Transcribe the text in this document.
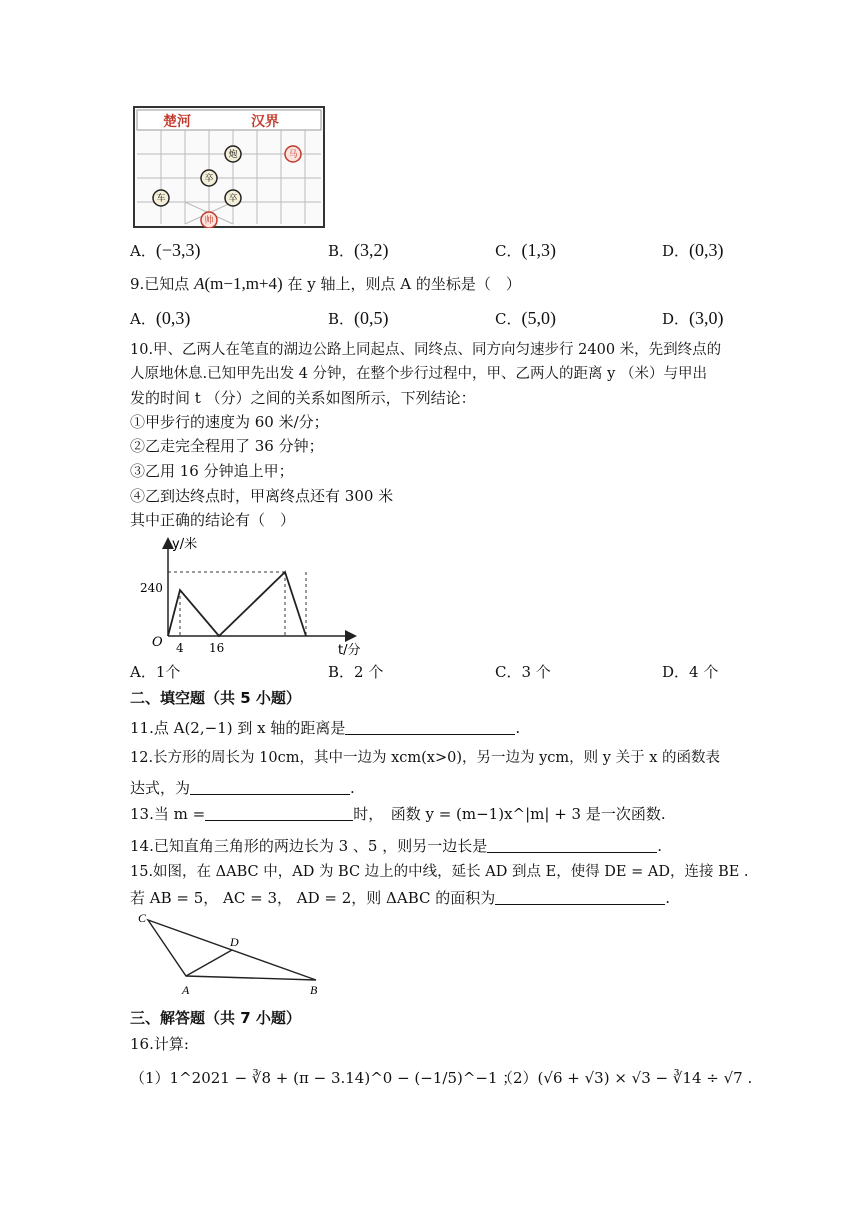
楚河	汉界
炮	马
卒
车	卒
帅
A．(−3,3)	B．(3,2)	C．(1,3)	D．(0,3)
9.已知点 A(m−1,m+4) 在 y 轴上，则点 A 的坐标是（　）
A．(0,3)	B．(0,5)	C．(5,0)	D．(3,0)
10.甲、乙两人在笔直的湖边公路上同起点、同终点、同方向匀速步行 2400 米，先到终点的
人原地休息.已知甲先出发 4 分钟，在整个步行过程中，甲、乙两人的距离 y （米）与甲出
发的时间 t （分）之间的关系如图所示，下列结论：
①甲步行的速度为 60 米/分；
②乙走完全程用了 36 分钟；
③乙用 16 分钟追上甲；
④乙到达终点时，甲离终点还有 300 米
其中正确的结论有（　）
y/米
240
O 4 16	t/分
A．1个	B．2 个	C．3 个	D．4 个
二、填空题（共 5 小题）
11.点 A(2,−1) 到 x 轴的距离是	.
12.长方形的周长为 10cm，其中一边为 xcm(x>0)，另一边为 ycm，则 y 关于 x 的函数表
达式，为	.
13.当 m =	时，　函数 y = (m−1)x^|m| + 3 是一次函数.
14.已知直角三角形的两边长为 3 、5 ，则另一边长是	.
15.如图，在 ΔABC 中，AD 为 BC 边上的中线，延长 AD 到点 E，使得 DE = AD，连接 BE .
若 AB = 5， AC = 3， AD = 2，则 ΔABC 的面积为	.
C
D
A	B
三、解答题（共 7 小题）
16.计算:
（1）1^2021 − ∛8 + (π − 3.14)^0 − (−1/5)^−1 ；
（2）(√6 + √3) × √3 − ∛14 ÷ √7 .
